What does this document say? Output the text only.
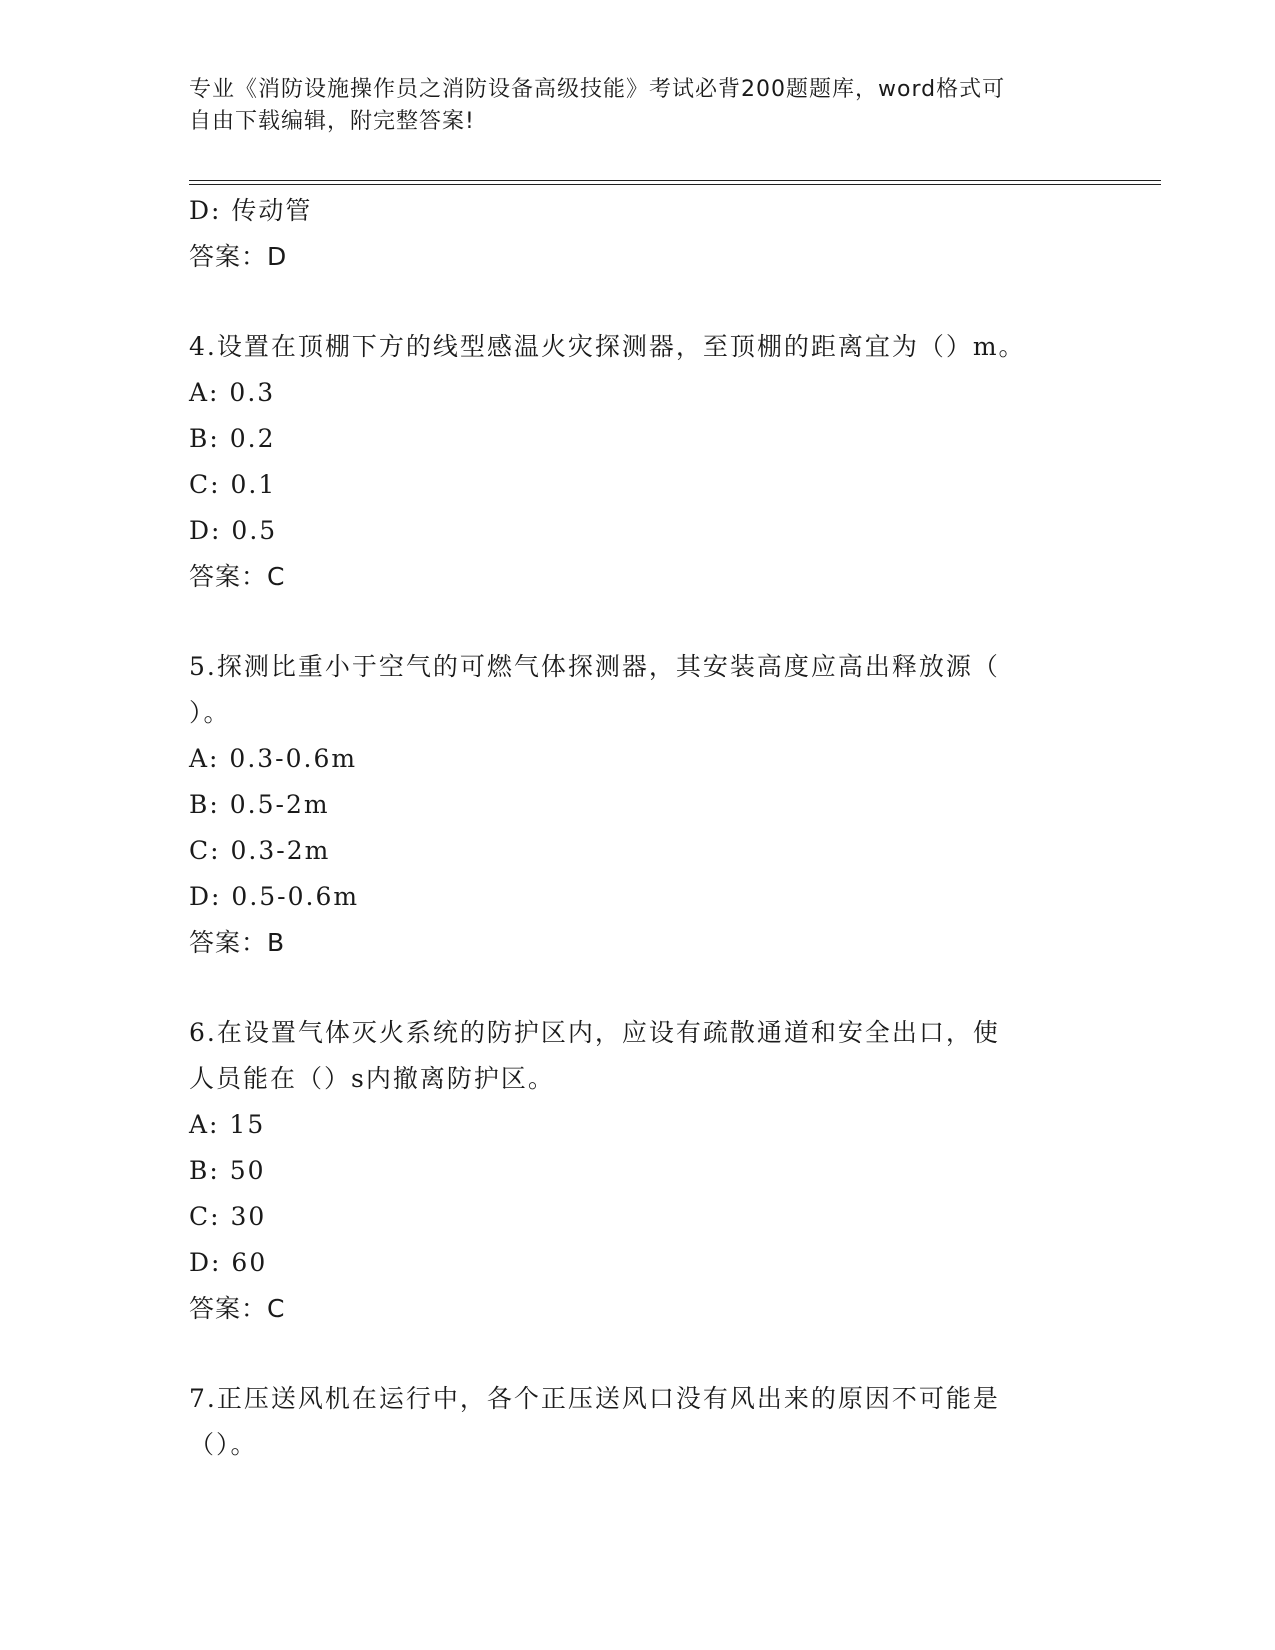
专业《消防设施操作员之消防设备高级技能》考试必背200题题库，word格式可
自由下载编辑，附完整答案!
D: 传动管
答案：D
4.设置在顶棚下方的线型感温火灾探测器，至顶棚的距离宜为（）m。
A: 0.3
B: 0.2
C: 0.1
D: 0.5
答案：C
5.探测比重小于空气的可燃气体探测器，其安装高度应高出释放源（
）。
A: 0.3-0.6m
B: 0.5-2m
C: 0.3-2m
D: 0.5-0.6m
答案：B
6.在设置气体灭火系统的防护区内，应设有疏散通道和安全出口，使
人员能在（）s内撤离防护区。
A: 15
B: 50
C: 30
D: 60
答案：C
7.正压送风机在运行中，各个正压送风口没有风出来的原因不可能是
（）。
